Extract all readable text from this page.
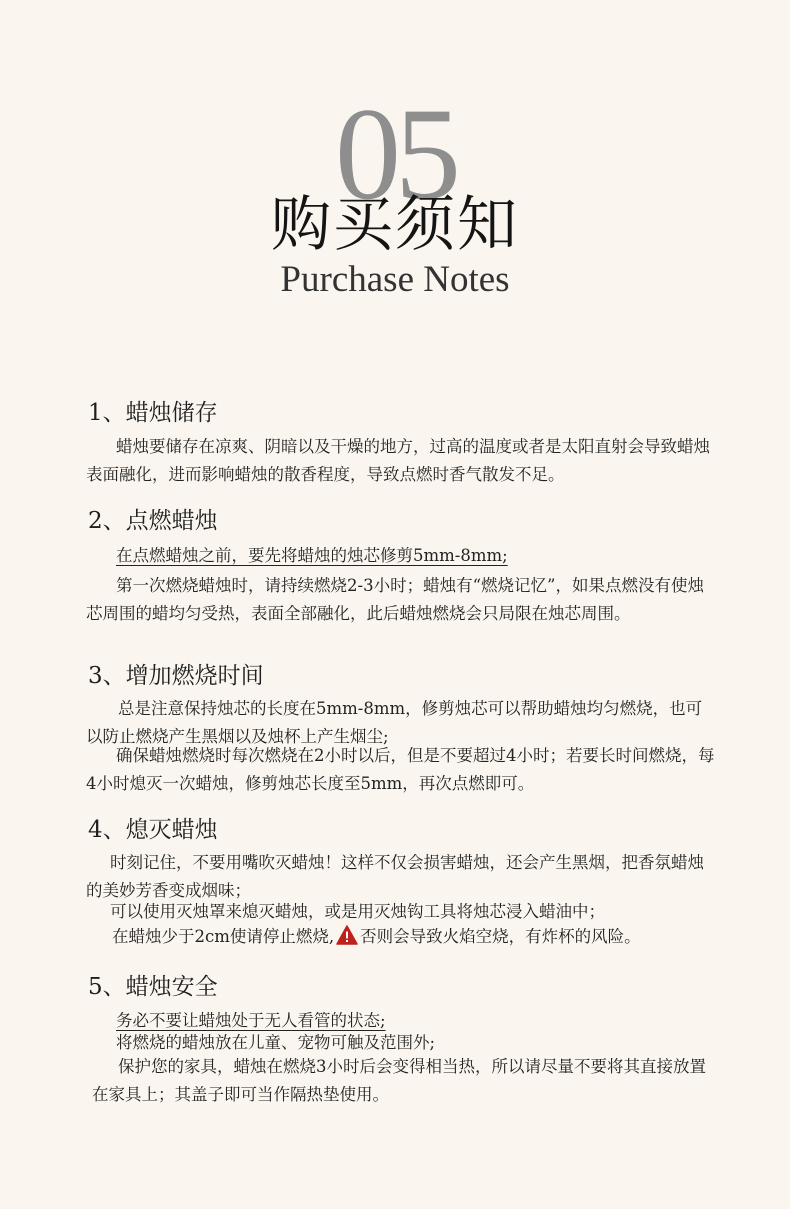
05
购买须知
Purchase Notes
1、蜡烛储存
蜡烛要储存在凉爽、阴暗以及干燥的地方，过高的温度或者是太阳直射会导致蜡烛表面融化，进而影响蜡烛的散香程度，导致点燃时香气散发不足。
2、点燃蜡烛
在点燃蜡烛之前，要先将蜡烛的烛芯修剪5mm-8mm;
第一次燃烧蜡烛时，请持续燃烧2-3小时；蜡烛有“燃烧记忆”，如果点燃没有使烛芯周围的蜡均匀受热，表面全部融化，此后蜡烛燃烧会只局限在烛芯周围。
3、增加燃烧时间
总是注意保持烛芯的长度在5mm-8mm，修剪烛芯可以帮助蜡烛均匀燃烧，也可以防止燃烧产生黑烟以及烛杯上产生烟尘;
确保蜡烛燃烧时每次燃烧在2小时以后，但是不要超过4小时；若要长时间燃烧，每4小时熄灭一次蜡烛，修剪烛芯长度至5mm，再次点燃即可。
4、熄灭蜡烛
时刻记住，不要用嘴吹灭蜡烛！这样不仅会损害蜡烛，还会产生黑烟，把香氛蜡烛的美妙芳香变成烟味；
可以使用灭烛罩来熄灭蜡烛，或是用灭烛钩工具将烛芯浸入蜡油中；
在蜡烛少于2cm使请停止燃烧, 否则会导致火焰空烧，有炸杯的风险。
5、蜡烛安全
务必不要让蜡烛处于无人看管的状态;
将燃烧的蜡烛放在儿童、宠物可触及范围外;
保护您的家具，蜡烛在燃烧3小时后会变得相当热，所以请尽量不要将其直接放置在家具上；其盖子即可当作隔热垫使用。
